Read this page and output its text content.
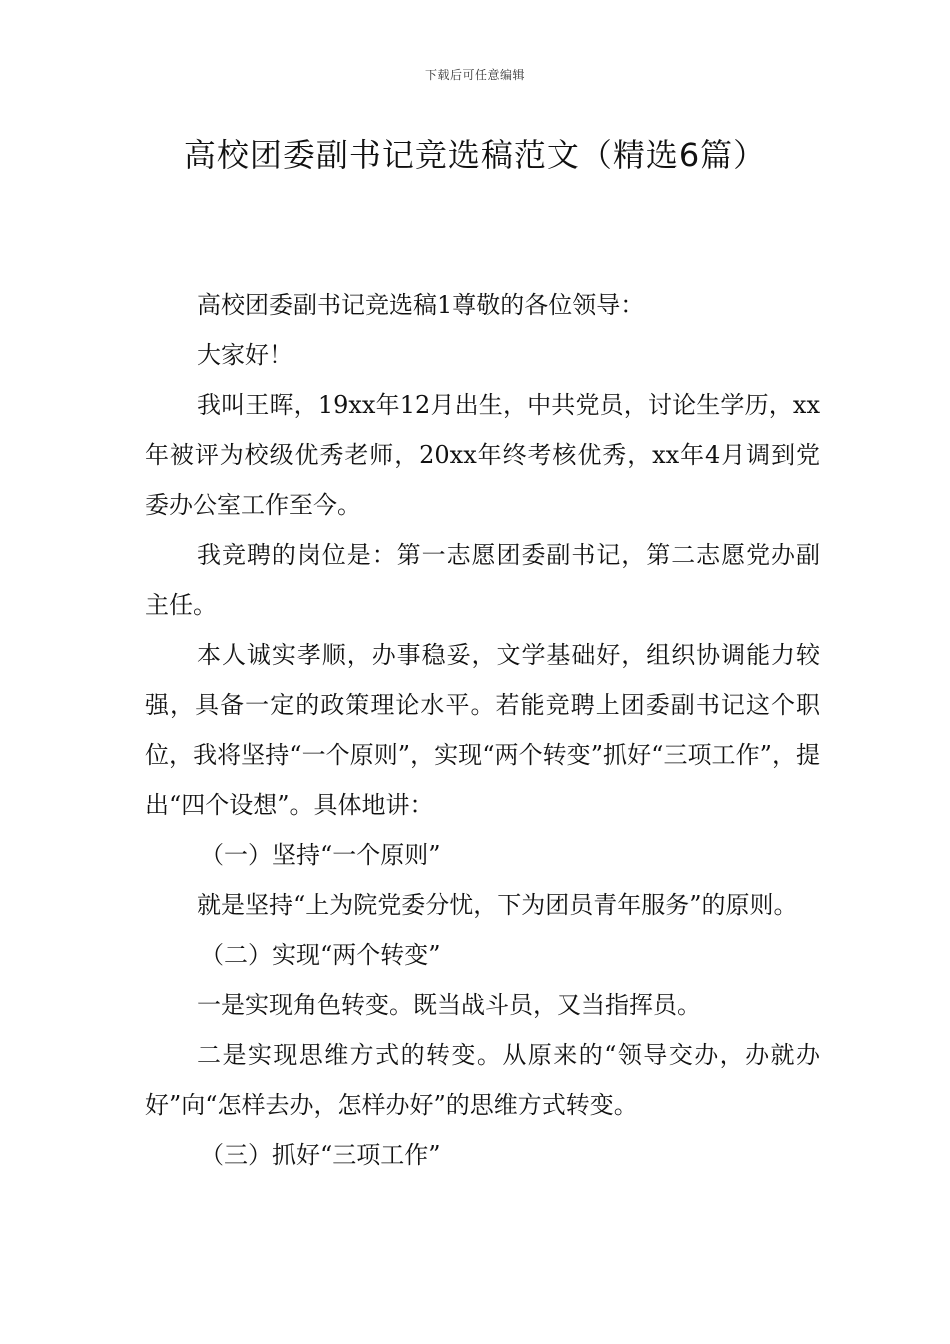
下载后可任意编辑
高校团委副书记竞选稿范文（精选6篇）

高校团委副书记竞选稿1尊敬的各位领导：

大家好！

我叫王晖，19xx年12月出生，中共党员，讨论生学历，xx年被评为校级优秀老师，20xx年终考核优秀，xx年4月调到党委办公室工作至今。

我竞聘的岗位是：第一志愿团委副书记，第二志愿党办副主任。

本人诚实孝顺，办事稳妥，文学基础好，组织协调能力较强，具备一定的政策理论水平。若能竞聘上团委副书记这个职位，我将坚持“一个原则”，实现“两个转变”抓好“三项工作”，提出“四个设想”。具体地讲：

（一）坚持“一个原则”

就是坚持“上为院党委分忧，下为团员青年服务”的原则。

（二）实现“两个转变”

一是实现角色转变。既当战斗员，又当指挥员。

二是实现思维方式的转变。从原来的“领导交办，办就办好”向“怎样去办，怎样办好”的思维方式转变。

（三）抓好“三项工作”
